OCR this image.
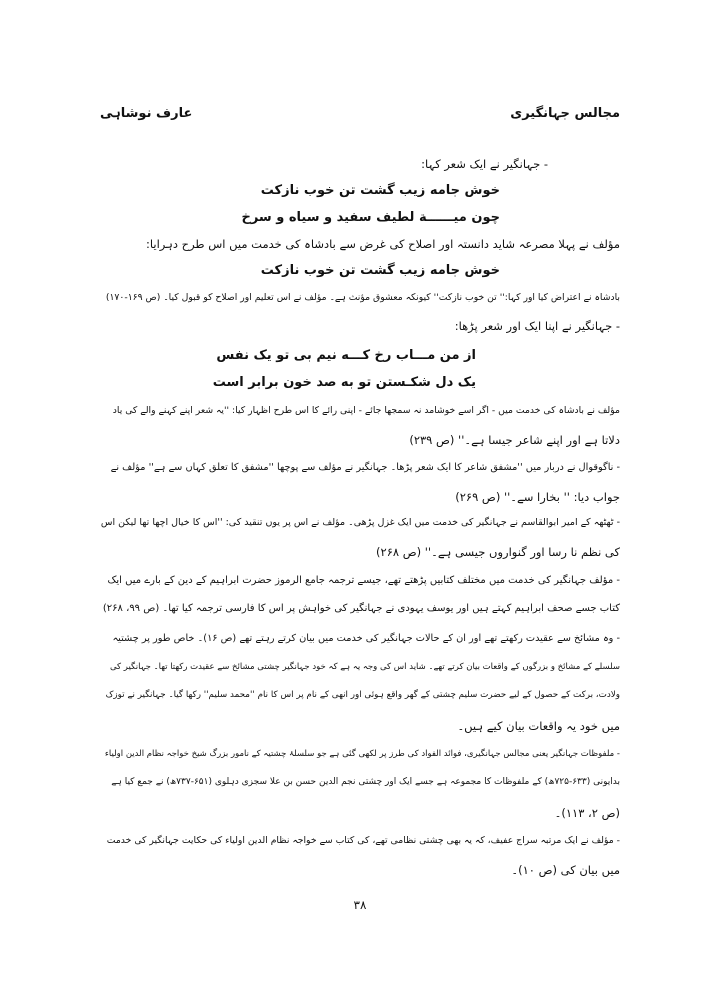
مجالس جہانگیری
عارف نوشاہی
- جہانگیر نے ایک شعر کہا:
خوش جامه زیب گشت تن خوب نازکت
چون میــــــة لطیف سفید و سیاه و سرخ
مؤلف نے پہلا مصرعہ شاید دانستہ اور اصلاح کی غرض سے بادشاہ کی خدمت میں اس طرح دہرایا:
خوش جامه زیب گشت تن خوب نازکت
بادشاہ نے اعتراض کیا اور کہا:'' تن خوب نازکت'' کیونکہ معشوق مؤنث ہے۔ مؤلف نے اس تعلیم اور اصلاح کو قبول کیا۔ (ص ۱۶۹-۱۷۰)
- جہانگیر نے اپنا ایک اور شعر پڑھا:
از من مـــاب رخ کـــه نیم بی تو یک نفس
یک دل شکـستن تو به صد خون برابر است
مؤلف نے بادشاہ کی خدمت میں - اگر اسے خوشامد نہ سمجھا جائے - اپنی رائے کا اس طرح اظہار کیا: ''یہ شعر اپنے کہنے والے کی یاد
دلاتا ہے اور اپنے شاعر جیسا ہے۔'' (ص ۲۳۹)
- ناگوقوال نے دربار میں ''مشفق شاعر کا ایک شعر پڑھا۔ جہانگیر نے مؤلف سے پوچھا ''مشفق کا تعلق کہاں سے ہے'' مؤلف نے
جواب دیا: '' بخارا سے۔'' (ص ۲۶۹)
- ٹھٹھہ کے امیر ابوالقاسم نے جہانگیر کی خدمت میں ایک غزل پڑھی۔ مؤلف نے اس پر یوں تنقید کی: ''اس کا خیال اچھا تھا لیکن اس
کی نظم نا رسا اور گنواروں جیسی ہے۔'' (ص ۲۶۸)
- مؤلف جہانگیر کی خدمت میں مختلف کتابیں پڑھتے تھے، جیسے ترجمہ جامع الرموز حضرت ابراہیم کے دین کے بارے میں ایک
کتاب جسے صحف ابراہیم کہتے ہیں اور یوسف یہودی نے جہانگیر کی خواہش پر اس کا فارسی ترجمہ کیا تھا۔ (ص ۹۹، ۲۶۸)
- وہ مشائخ سے عقیدت رکھتے تھے اور ان کے حالات جہانگیر کی خدمت میں بیان کرتے رہتے تھے (ص ۱۶)۔ خاص طور پر چشتیہ
سلسلے کے مشائخ و بزرگوں کے واقعات بیان کرتے تھے۔ شاید اس کی وجہ یہ ہے کہ خود جہانگیر چشتی مشائخ سے عقیدت رکھتا تھا۔ جہانگیر کی
ولادت، برکت کے حصول کے لیے حضرت سلیم چشتی کے گھر واقع ہوئی اور انھی کے نام پر اس کا نام ''محمد سلیم'' رکھا گیا۔ جہانگیر نے توزک
میں خود یہ واقعات بیان کیے ہیں۔
- ملفوظات جہانگیر یعنی مجالس جہانگیری، فوائد الفواد کی طرز پر لکھی گئی ہے جو سلسلۂ چشتیہ کے نامور بزرگ شیخ خواجہ نظام الدین اولیاء
بدایونی (۶۳۳-۷۲۵ھ) کے ملفوظات کا مجموعہ ہے جسے ایک اور چشتی نجم الدین حسن بن علا سجزی دہلوی (۶۵۱-۷۳۷ھ) نے جمع کیا ہے
(ص ۲، ۱۱۳)۔
- مؤلف نے ایک مرتبہ سراج عفیف، کہ یہ بھی چشتی نظامی تھے، کی کتاب سے خواجہ نظام الدین اولیاء کی حکایت جہانگیر کی خدمت
میں بیان کی (ص ۱۰)۔
۳۸
